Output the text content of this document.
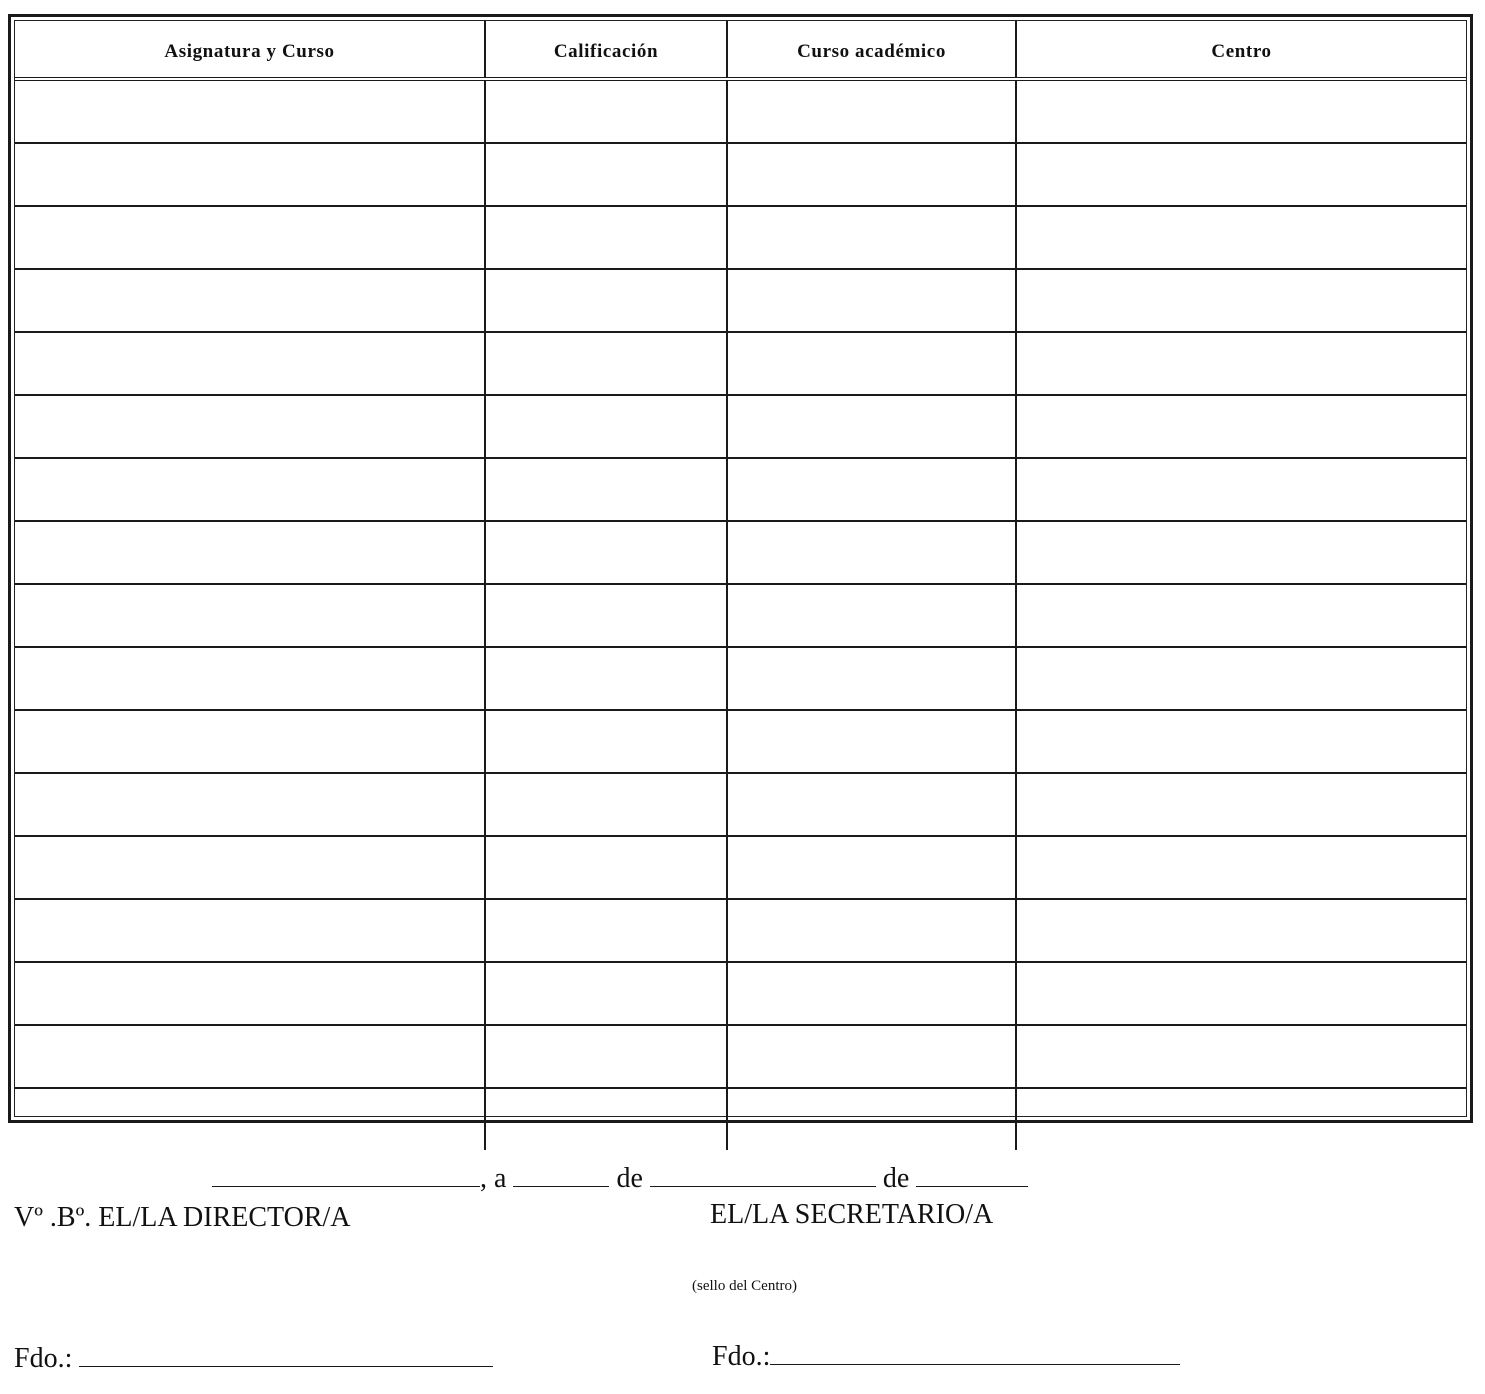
Asignatura y Curso	Calificación	Curso académico	Centro

, a	de	de
Vº .Bº. EL/LA DIRECTOR/A	EL/LA SECRETARIO/A
(sello del Centro)
Fdo.:	Fdo.:
